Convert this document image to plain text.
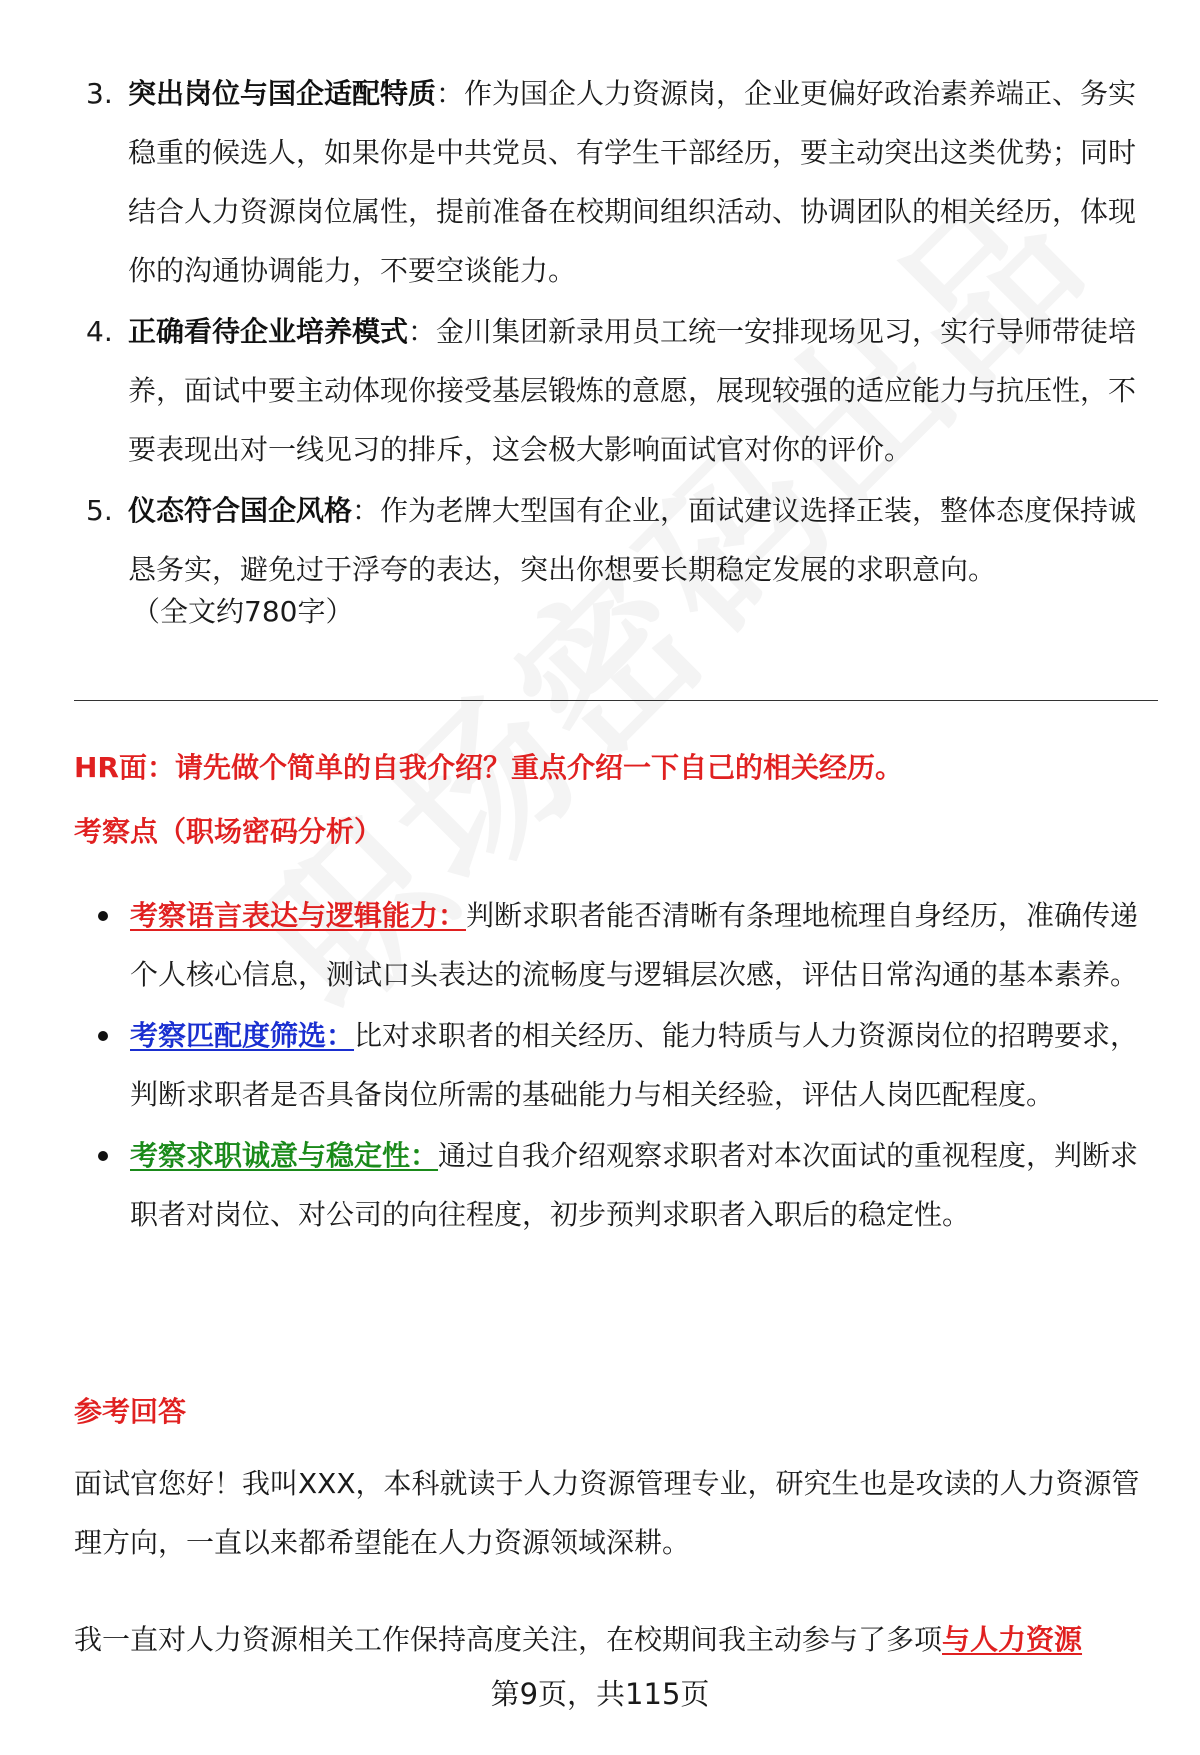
3. 突出岗位与国企适配特质：作为国企人力资源岗，企业更偏好政治素养端正、务实稳重的候选人，如果你是中共党员、有学生干部经历，要主动突出这类优势；同时结合人力资源岗位属性，提前准备在校期间组织活动、协调团队的相关经历，体现你的沟通协调能力，不要空谈能力。
4. 正确看待企业培养模式：金川集团新录用员工统一安排现场见习，实行导师带徒培养，面试中要主动体现你接受基层锻炼的意愿，展现较强的适应能力与抗压性，不要表现出对一线见习的排斥，这会极大影响面试官对你的评价。
5. 仪态符合国企风格：作为老牌大型国有企业，面试建议选择正装，整体态度保持诚恳务实，避免过于浮夸的表达，突出你想要长期稳定发展的求职意向。
（全文约780字）
HR面：请先做个简单的自我介绍？重点介绍一下自己的相关经历。
考察点（职场密码分析）
考察语言表达与逻辑能力：判断求职者能否清晰有条理地梳理自身经历，准确传递个人核心信息，测试口头表达的流畅度与逻辑层次感，评估日常沟通的基本素养。
考察匹配度筛选：比对求职者的相关经历、能力特质与人力资源岗位的招聘要求，判断求职者是否具备岗位所需的基础能力与相关经验，评估人岗匹配程度。
考察求职诚意与稳定性：通过自我介绍观察求职者对本次面试的重视程度，判断求职者对岗位、对公司的向往程度，初步预判求职者入职后的稳定性。
参考回答
面试官您好！我叫XXX，本科就读于人力资源管理专业，研究生也是攻读的人力资源管理方向，一直以来都希望能在人力资源领域深耕。
我一直对人力资源相关工作保持高度关注，在校期间我主动参与了多项与人力资源
第9页，共115页
